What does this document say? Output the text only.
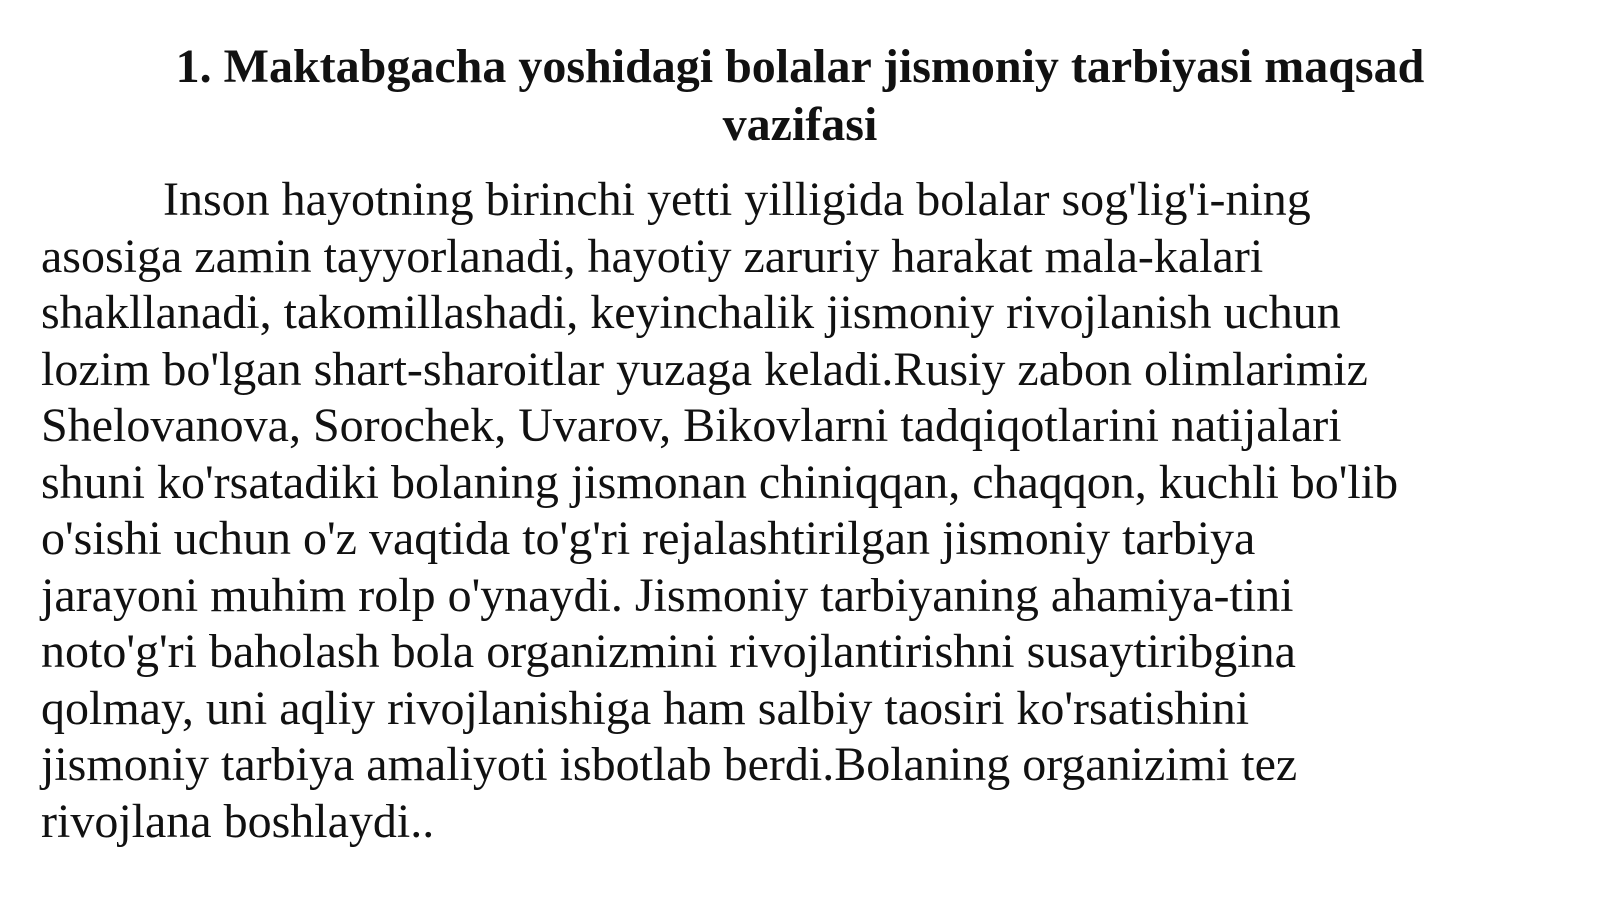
1. Maktabgacha yoshidagi bolalar jismoniy tarbiyasi maqsad
vazifasi
Inson hayotning birinchi yetti yilligida bolalar sog'lig'i-ning
asosiga zamin tayyorlanadi, hayotiy zaruriy harakat mala-kalari
shakllanadi, takomillashadi, keyinchalik jismoniy rivojlanish uchun
lozim bo'lgan shart-sharoitlar yuzaga keladi.Rusiy zabon olimlarimiz
Shelovanova, Sorochek, Uvarov, Bikovlarni tadqiqotlarini natijalari
shuni ko'rsatadiki bolaning jismonan chiniqqan, chaqqon, kuchli bo'lib
o'sishi uchun o'z vaqtida to'g'ri rejalashtirilgan jismoniy tarbiya
jarayoni muhim rolp o'ynaydi. Jismoniy tarbiyaning ahamiya-tini
noto'g'ri baholash bola organizmini rivojlantirishni susaytiribgina
qolmay, uni aqliy rivojlanishiga ham salbiy taosiri ko'rsatishini
jismoniy tarbiya amaliyoti isbotlab berdi.Bolaning organizimi tez
rivojlana boshlaydi..
